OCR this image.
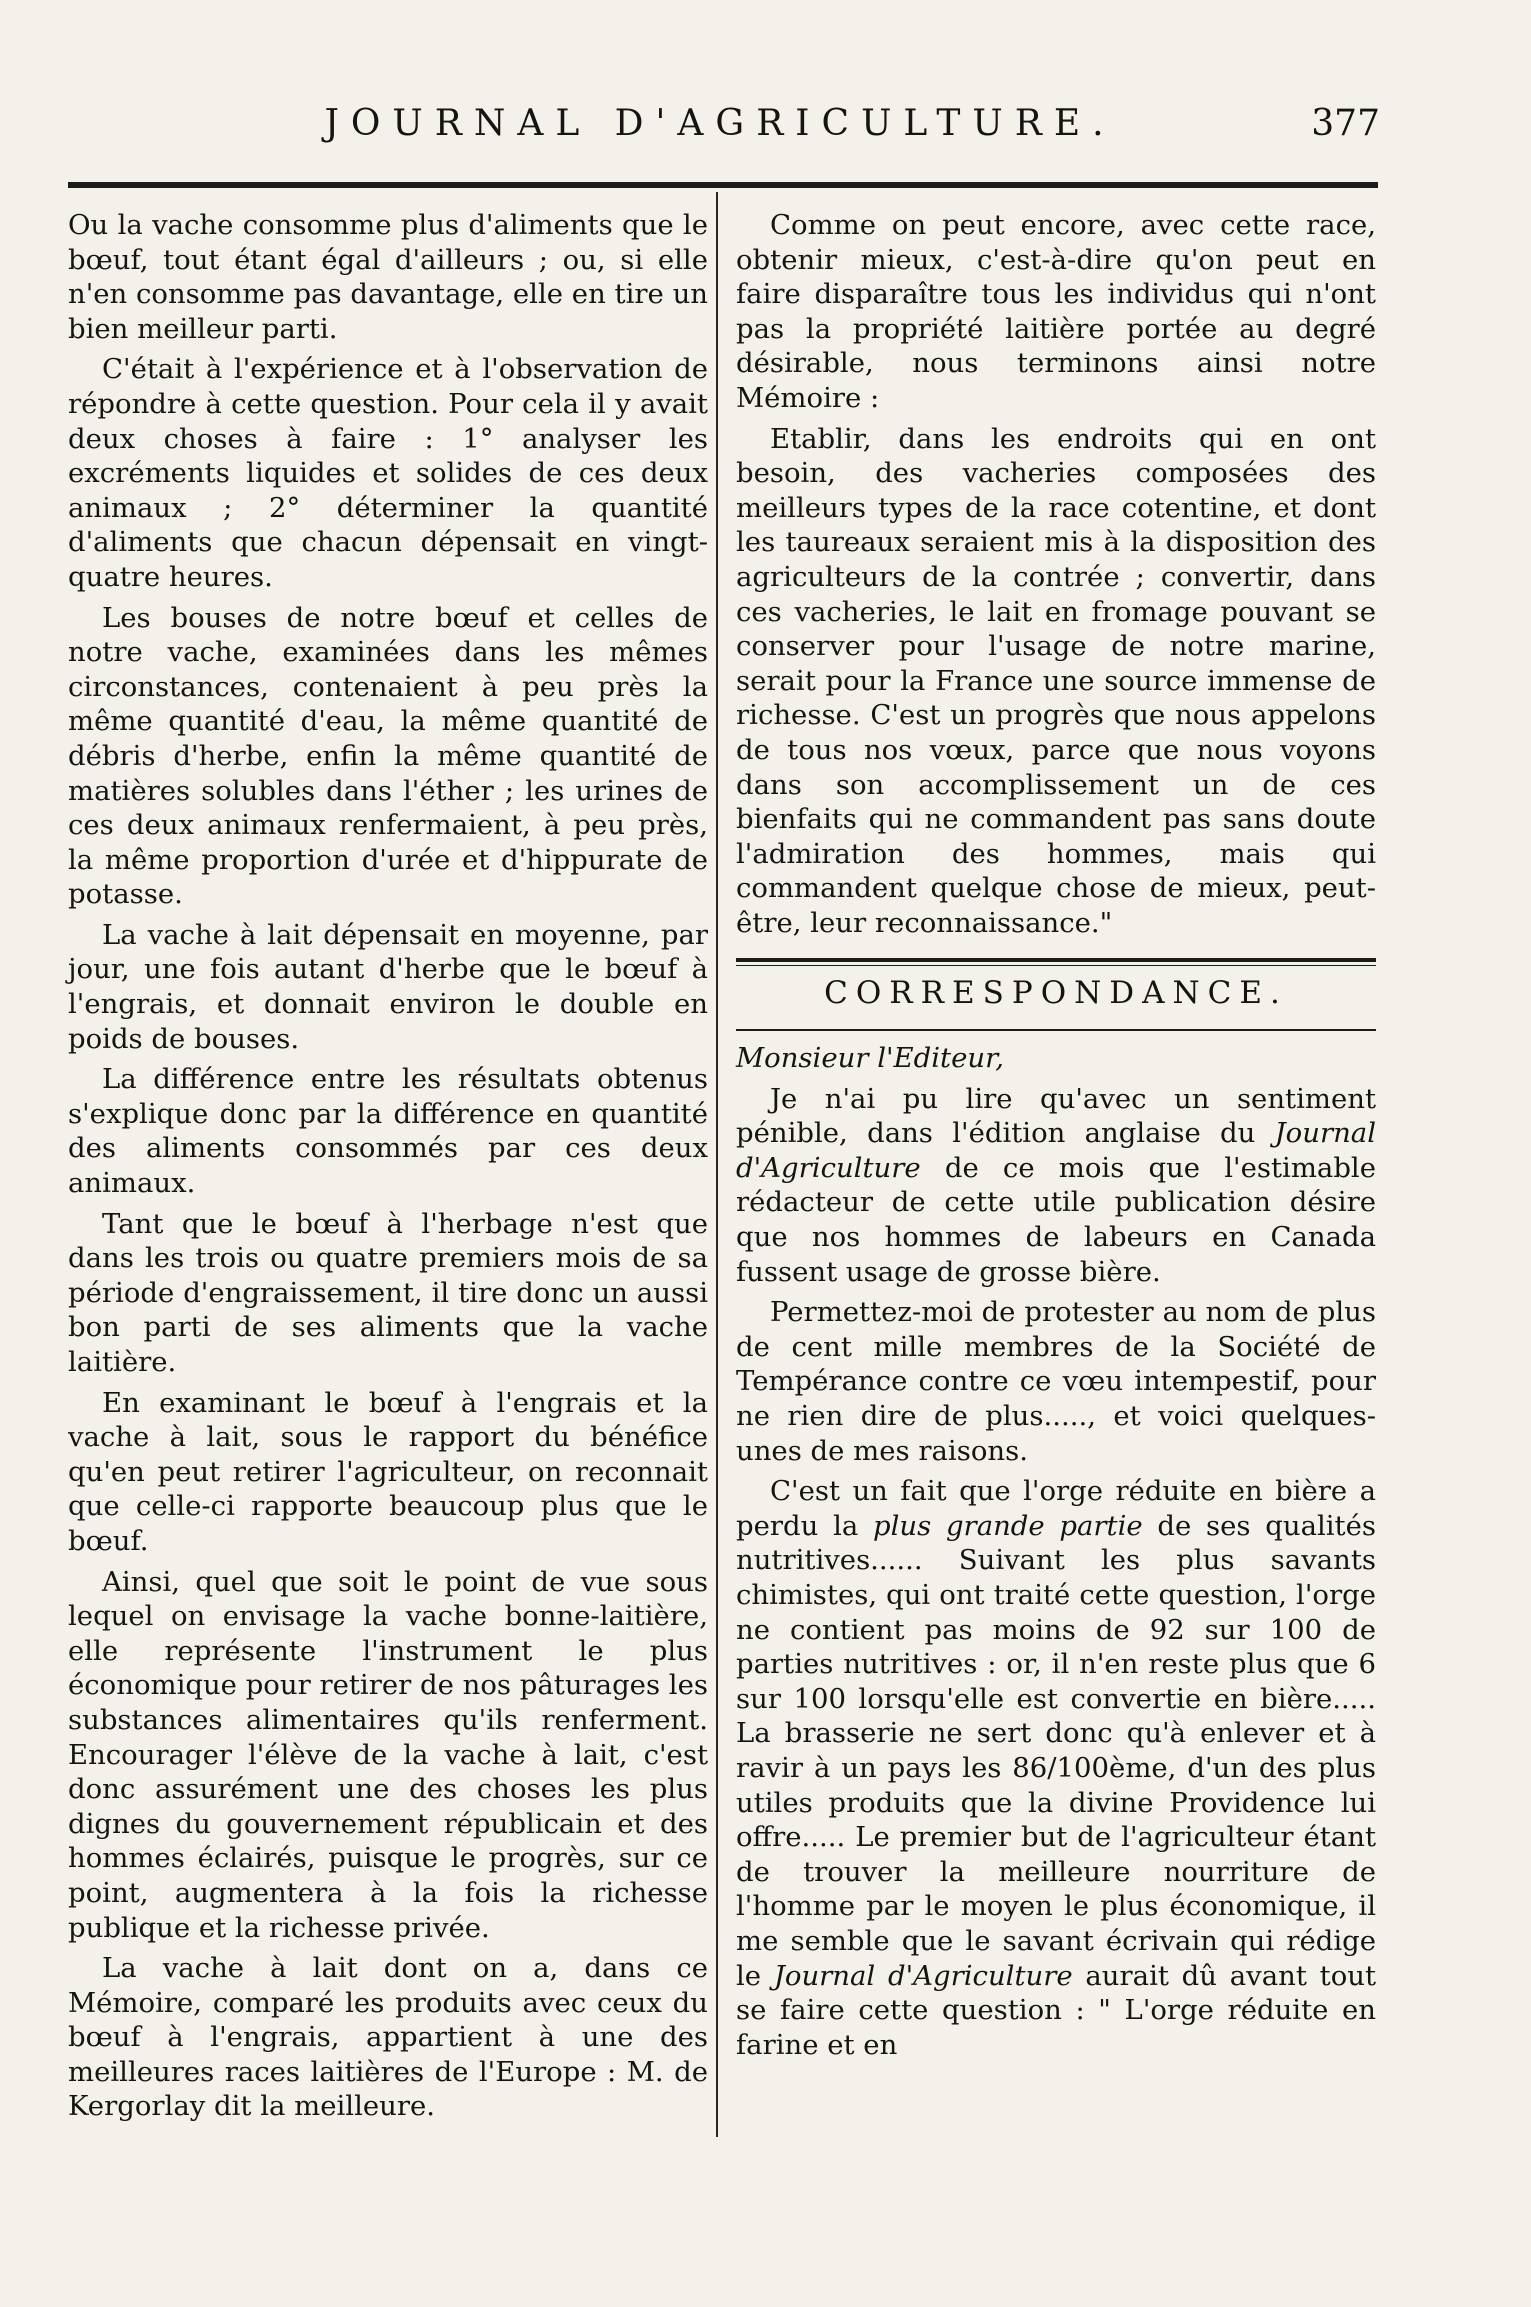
JOURNAL D'AGRICULTURE.	377

Ou la vache consomme plus d'aliments que le bœuf, tout étant égal d'ailleurs ; ou, si elle n'en consomme pas davantage, elle en tire un bien meilleur parti.

C'était à l'expérience et à l'observation de répondre à cette question. Pour cela il y avait deux choses à faire : 1° analyser les excréments liquides et solides de ces deux animaux ; 2° déterminer la quantité d'aliments que chacun dépensait en vingt-quatre heures.

Les bouses de notre bœuf et celles de notre vache, examinées dans les mêmes circonstances, contenaient à peu près la même quantité d'eau, la même quantité de débris d'herbe, enfin la même quantité de matières solubles dans l'éther ; les urines de ces deux animaux renfermaient, à peu près, la même proportion d'urée et d'hippurate de potasse.

La vache à lait dépensait en moyenne, par jour, une fois autant d'herbe que le bœuf à l'engrais, et donnait environ le double en poids de bouses.

La différence entre les résultats obtenus s'explique donc par la différence en quantité des aliments consommés par ces deux animaux.

Tant que le bœuf à l'herbage n'est que dans les trois ou quatre premiers mois de sa période d'engraissement, il tire donc un aussi bon parti de ses aliments que la vache laitière.

En examinant le bœuf à l'engrais et la vache à lait, sous le rapport du bénéfice qu'en peut retirer l'agriculteur, on reconnait que celle-ci rapporte beaucoup plus que le bœuf.

Ainsi, quel que soit le point de vue sous lequel on envisage la vache bonne-laitière, elle représente l'instrument le plus économique pour retirer de nos pâturages les substances alimentaires qu'ils renferment. Encourager l'élève de la vache à lait, c'est donc assurément une des choses les plus dignes du gouvernement républicain et des hommes éclairés, puisque le progrès, sur ce point, augmentera à la fois la richesse publique et la richesse privée.

La vache à lait dont on a, dans ce Mémoire, comparé les produits avec ceux du bœuf à l'engrais, appartient à une des meilleures races laitières de l'Europe : M. de Kergorlay dit la meilleure.

Comme on peut encore, avec cette race, obtenir mieux, c'est-à-dire qu'on peut en faire disparaître tous les individus qui n'ont pas la propriété laitière portée au degré désirable, nous terminons ainsi notre Mémoire :

Etablir, dans les endroits qui en ont besoin, des vacheries composées des meilleurs types de la race cotentine, et dont les taureaux seraient mis à la disposition des agriculteurs de la contrée ; convertir, dans ces vacheries, le lait en fromage pouvant se conserver pour l'usage de notre marine, serait pour la France une source immense de richesse. C'est un progrès que nous appelons de tous nos vœux, parce que nous voyons dans son accomplissement un de ces bienfaits qui ne commandent pas sans doute l'admiration des hommes, mais qui commandent quelque chose de mieux, peut-être, leur reconnaissance."

CORRESPONDANCE.

Monsieur l'Editeur,

Je n'ai pu lire qu'avec un sentiment pénible, dans l'édition anglaise du Journal d'Agriculture de ce mois que l'estimable rédacteur de cette utile publication désire que nos hommes de labeurs en Canada fussent usage de grosse bière.

Permettez-moi de protester au nom de plus de cent mille membres de la Société de Tempérance contre ce vœu intempestif, pour ne rien dire de plus....., et voici quelques-unes de mes raisons.

C'est un fait que l'orge réduite en bière a perdu la plus grande partie de ses qualités nutritives...... Suivant les plus savants chimistes, qui ont traité cette question, l'orge ne contient pas moins de 92 sur 100 de parties nutritives : or, il n'en reste plus que 6 sur 100 lorsqu'elle est convertie en bière..... La brasserie ne sert donc qu'à enlever et à ravir à un pays les 86/100ème, d'un des plus utiles produits que la divine Providence lui offre..... Le premier but de l'agriculteur étant de trouver la meilleure nourriture de l'homme par le moyen le plus économique, il me semble que le savant écrivain qui rédige le Journal d'Agriculture aurait dû avant tout se faire cette question : " L'orge réduite en farine et en
